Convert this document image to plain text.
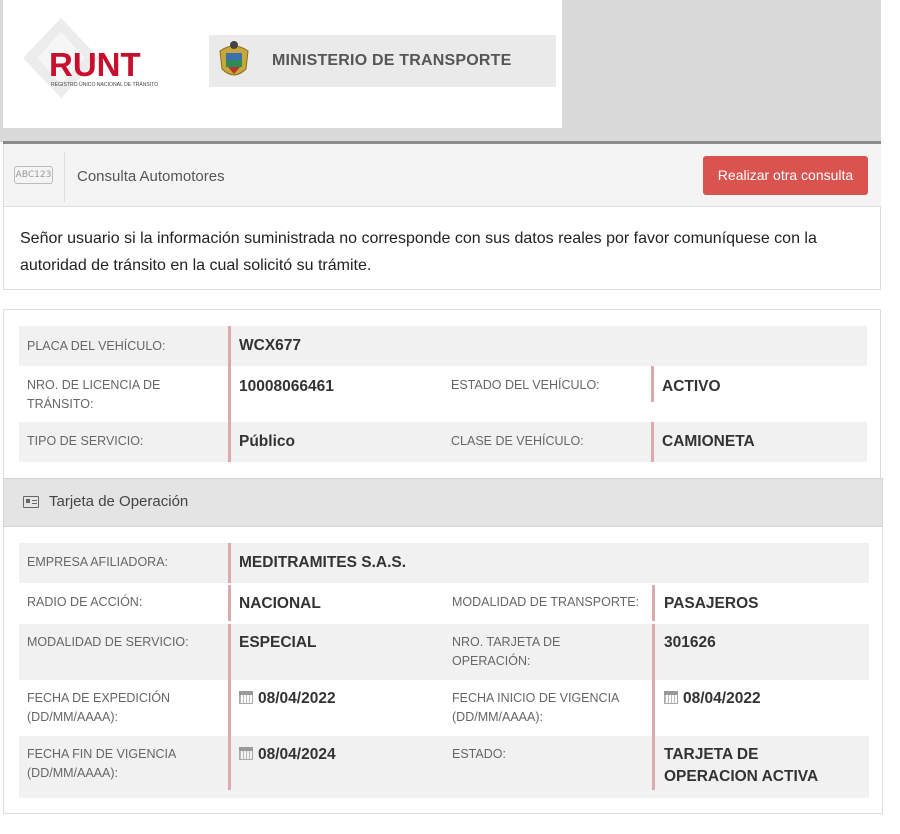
RUNT
REGISTRO ÚNICO NACIONAL DE TRÁNSITO
MINISTERIO DE TRANSPORTE
ABC123 Consulta Automotores	Realizar otra consulta
Señor usuario si la información suministrada no corresponde con sus datos reales por favor comuníquese con la autoridad de tránsito en la cual solicitó su trámite.
PLACA DEL VEHÍCULO:	WCX677
NRO. DE LICENCIA DE TRÁNSITO:
10008066461	ESTADO DEL VEHÍCULO:	ACTIVO
TIPO DE SERVICIO:	Público	CLASE DE VEHÍCULO:	CAMIONETA
Tarjeta de Operación
EMPRESA AFILIADORA:	MEDITRAMITES S.A.S.
RADIO DE ACCIÓN:	NACIONAL	MODALIDAD DE TRANSPORTE: PASAJEROS
MODALIDAD DE SERVICIO:	ESPECIAL	NRO. TARJETA DE OPERACIÓN:
301626
FECHA DE EXPEDICIÓN (DD/MM/AAAA):
08/04/2022	FECHA INICIO DE VIGENCIA (DD/MM/AAAA):
08/04/2022
FECHA FIN DE VIGENCIA (DD/MM/AAAA):
08/04/2024	ESTADO:	TARJETA DE OPERACION ACTIVA
